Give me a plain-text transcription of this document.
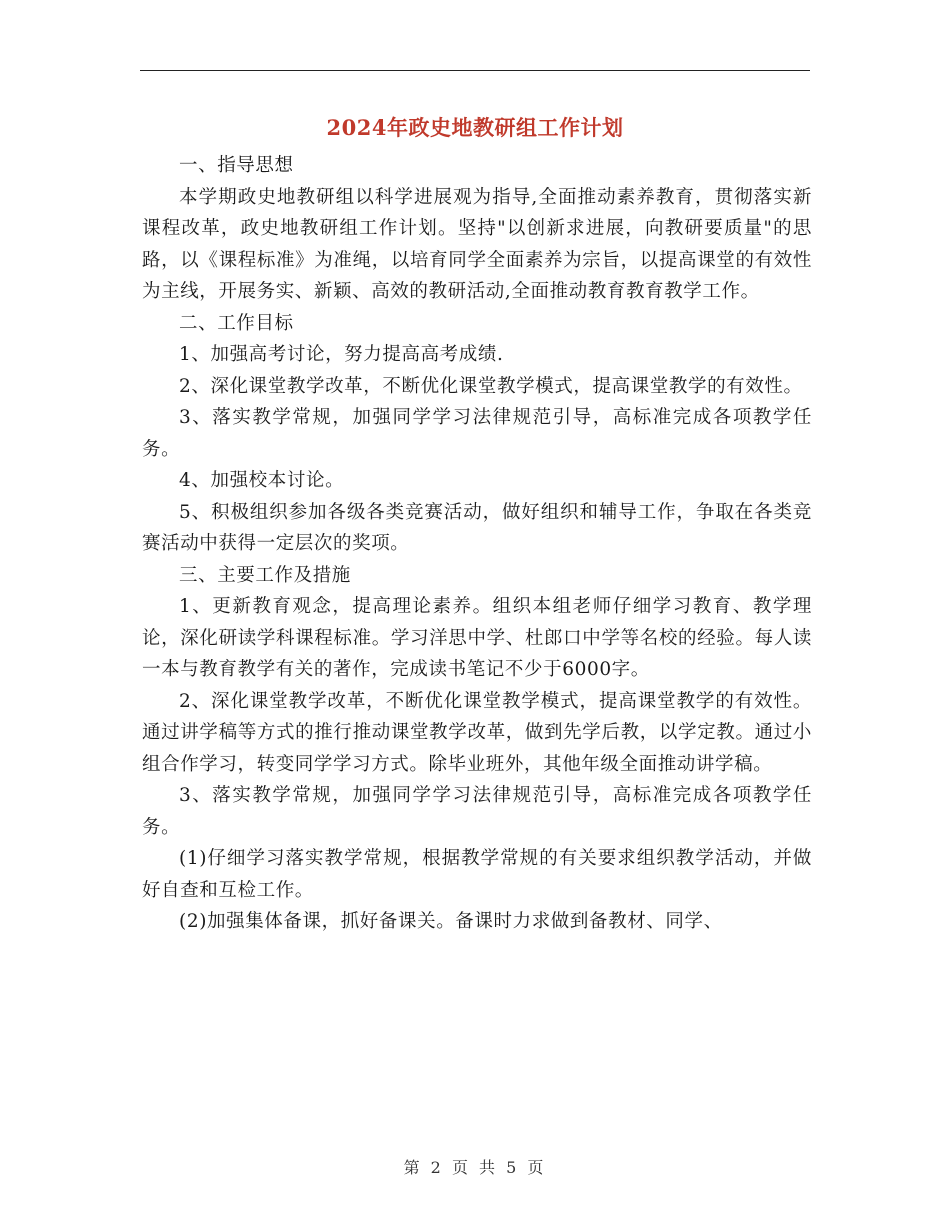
2024年政史地教研组工作计划

一、指导思想

本学期政史地教研组以科学进展观为指导,全面推动素养教育，贯彻落实新课程改革，政史地教研组工作计划。坚持"以创新求进展，向教研要质量"的思路，以《课程标准》为准绳，以培育同学全面素养为宗旨，以提高课堂的有效性为主线，开展务实、新颖、高效的教研活动,全面推动教育教育教学工作。

二、工作目标

1、加强高考讨论，努力提高高考成绩.

2、深化课堂教学改革，不断优化课堂教学模式，提高课堂教学的有效性。

3、落实教学常规，加强同学学习法律规范引导，高标准完成各项教学任务。

4、加强校本讨论。

5、积极组织参加各级各类竞赛活动，做好组织和辅导工作，争取在各类竞赛活动中获得一定层次的奖项。

三、主要工作及措施

1、更新教育观念，提高理论素养。组织本组老师仔细学习教育、教学理论，深化研读学科课程标准。学习洋思中学、杜郎口中学等名校的经验。每人读一本与教育教学有关的著作，完成读书笔记不少于6000字。

2、深化课堂教学改革，不断优化课堂教学模式，提高课堂教学的有效性。通过讲学稿等方式的推行推动课堂教学改革，做到先学后教，以学定教。通过小组合作学习，转变同学学习方式。除毕业班外，其他年级全面推动讲学稿。

3、落实教学常规，加强同学学习法律规范引导，高标准完成各项教学任务。

(1)仔细学习落实教学常规，根据教学常规的有关要求组织教学活动，并做好自查和互检工作。

(2)加强集体备课，抓好备课关。备课时力求做到备教材、同学、

第 2 页 共 5 页
